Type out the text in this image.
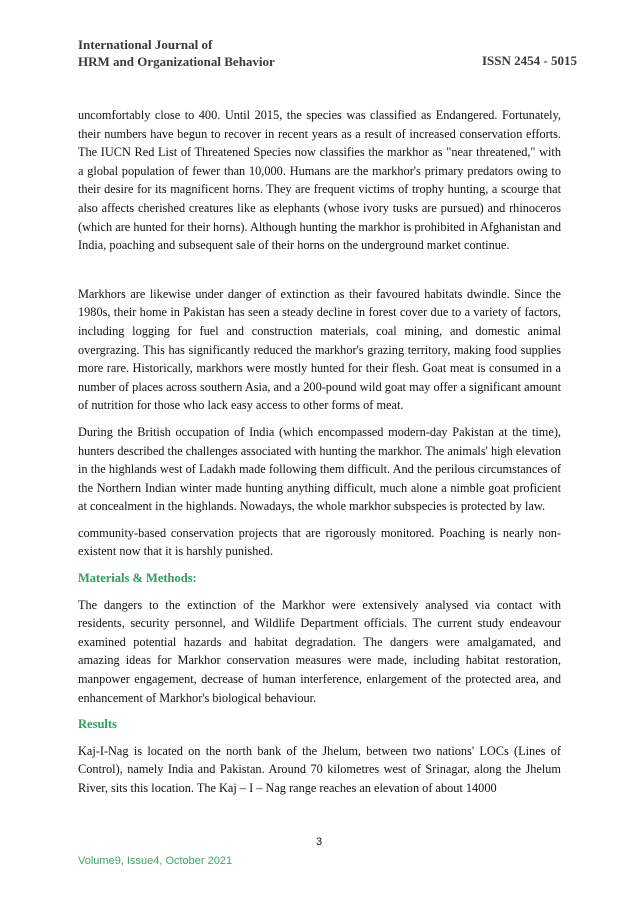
International Journal of
HRM and Organizational Behavior	ISSN 2454 - 5015

uncomfortably close to 400. Until 2015, the species was classified as Endangered. Fortunately, their numbers have begun to recover in recent years as a result of increased conservation efforts. The IUCN Red List of Threatened Species now classifies the markhor as "near threatened," with a global population of fewer than 10,000. Humans are the markhor's primary predators owing to their desire for its magnificent horns. They are frequent victims of trophy hunting, a scourge that also affects cherished creatures like as elephants (whose ivory tusks are pursued) and rhinoceros (which are hunted for their horns). Although hunting the markhor is prohibited in Afghanistan and India, poaching and subsequent sale of their horns on the underground market continue.

Markhors are likewise under danger of extinction as their favoured habitats dwindle. Since the 1980s, their home in Pakistan has seen a steady decline in forest cover due to a variety of factors, including logging for fuel and construction materials, coal mining, and domestic animal overgrazing. This has significantly reduced the markhor's grazing territory, making food supplies more rare. Historically, markhors were mostly hunted for their flesh. Goat meat is consumed in a number of places across southern Asia, and a 200-pound wild goat may offer a significant amount of nutrition for those who lack easy access to other forms of meat.

During the British occupation of India (which encompassed modern-day Pakistan at the time), hunters described the challenges associated with hunting the markhor. The animals' high elevation in the highlands west of Ladakh made following them difficult. And the perilous circumstances of the Northern Indian winter made hunting anything difficult, much alone a nimble goat proficient at concealment in the highlands. Nowadays, the whole markhor subspecies is protected by law.

community-based conservation projects that are rigorously monitored. Poaching is nearly non-existent now that it is harshly punished.

Materials & Methods:

The dangers to the extinction of the Markhor were extensively analysed via contact with residents, security personnel, and Wildlife Department officials. The current study endeavour examined potential hazards and habitat degradation. The dangers were amalgamated, and amazing ideas for Markhor conservation measures were made, including habitat restoration, manpower engagement, decrease of human interference, enlargement of the protected area, and enhancement of Markhor's biological behaviour.

Results

Kaj-I-Nag is located on the north bank of the Jhelum, between two nations' LOCs (Lines of Control), namely India and Pakistan. Around 70 kilometres west of Srinagar, along the Jhelum River, sits this location. The Kaj – I – Nag range reaches an elevation of about 14000

3
Volume9, Issue4, October 2021
